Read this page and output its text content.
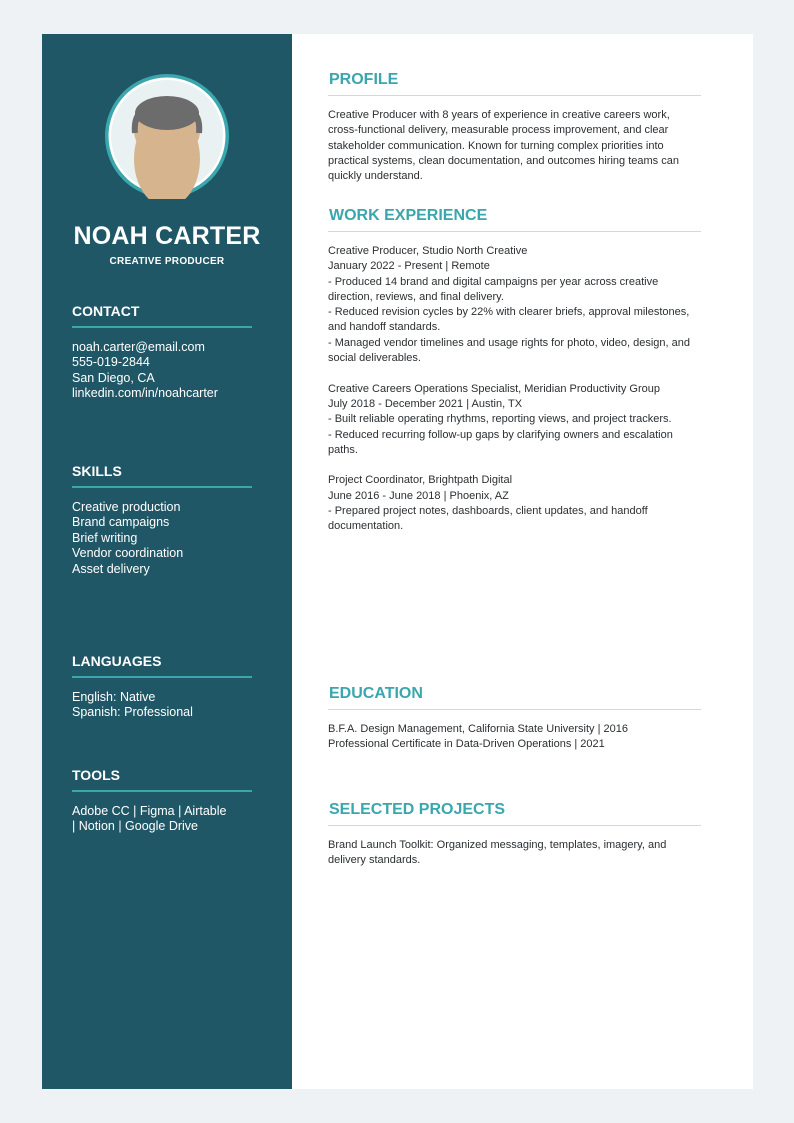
NOAH CARTER
CREATIVE PRODUCER
CONTACT
noah.carter@email.com
555-019-2844
San Diego, CA
linkedin.com/in/noahcarter
SKILLS
Creative production
Brand campaigns
Brief writing
Vendor coordination
Asset delivery
LANGUAGES
English: Native
Spanish: Professional
TOOLS
Adobe CC | Figma | Airtable | Notion | Google Drive
PROFILE
Creative Producer with 8 years of experience in creative careers work, cross-functional delivery, measurable process improvement, and clear stakeholder communication. Known for turning complex priorities into practical systems, clean documentation, and outcomes hiring teams can quickly understand.
WORK EXPERIENCE
Creative Producer, Studio North Creative
January 2022 - Present | Remote
- Produced 14 brand and digital campaigns per year across creative direction, reviews, and final delivery.
- Reduced revision cycles by 22% with clearer briefs, approval milestones, and handoff standards.
- Managed vendor timelines and usage rights for photo, video, design, and social deliverables.
Creative Careers Operations Specialist, Meridian Productivity Group
July 2018 - December 2021 | Austin, TX
- Built reliable operating rhythms, reporting views, and project trackers.
- Reduced recurring follow-up gaps by clarifying owners and escalation paths.
Project Coordinator, Brightpath Digital
June 2016 - June 2018 | Phoenix, AZ
- Prepared project notes, dashboards, client updates, and handoff documentation.
EDUCATION
B.F.A. Design Management, California State University | 2016
Professional Certificate in Data-Driven Operations | 2021
SELECTED PROJECTS
Brand Launch Toolkit: Organized messaging, templates, imagery, and delivery standards.
